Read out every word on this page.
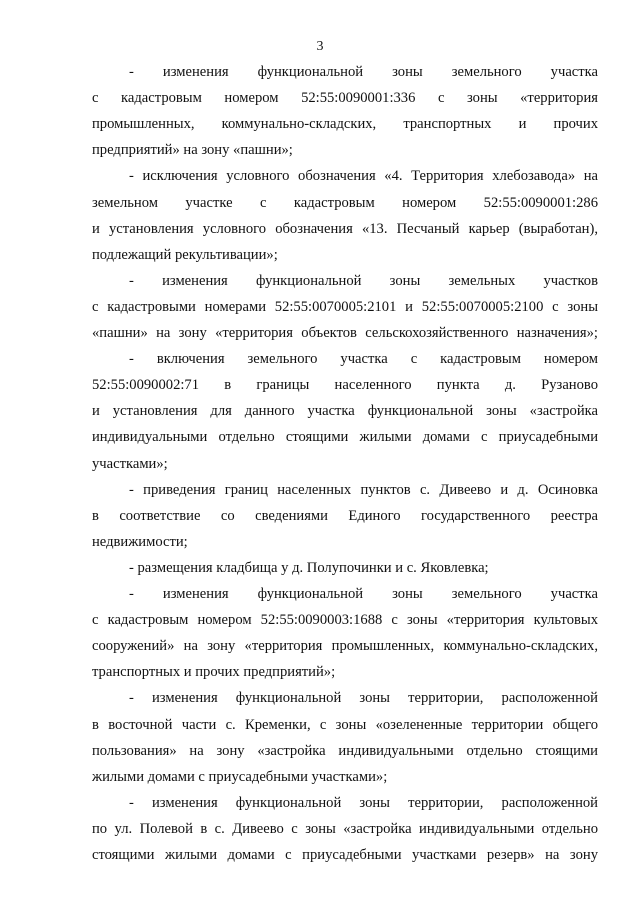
3
- изменения функциональной зоны земельного участка
с кадастровым номером 52:55:0090001:336 с зоны «территория
промышленных, коммунально-складских, транспортных и прочих
предприятий» на зону «пашни»;
- исключения условного обозначения «4. Территория хлебозавода» на
земельном участке с кадастровым номером 52:55:0090001:286
и установления условного обозначения «13. Песчаный карьер (выработан),
подлежащий рекультивации»;
- изменения функциональной зоны земельных участков
с кадастровыми номерами 52:55:0070005:2101 и 52:55:0070005:2100 с зоны
«пашни» на зону «территория объектов сельскохозяйственного назначения»;
- включения земельного участка с кадастровым номером
52:55:0090002:71 в границы населенного пункта д. Рузаново
и установления для данного участка функциональной зоны «застройка
индивидуальными отдельно стоящими жилыми домами с приусадебными
участками»;
- приведения границ населенных пунктов с. Дивеево и д. Осиновка
в соответствие со сведениями Единого государственного реестра
недвижимости;
- размещения кладбища у д. Полупочинки и с. Яковлевка;
- изменения функциональной зоны земельного участка
с кадастровым номером 52:55:0090003:1688 с зоны «территория культовых
сооружений» на зону «территория промышленных, коммунально-складских,
транспортных и прочих предприятий»;
- изменения функциональной зоны территории, расположенной
в восточной части с. Кременки, с зоны «озелененные территории общего
пользования» на зону «застройка индивидуальными отдельно стоящими
жилыми домами с приусадебными участками»;
- изменения функциональной зоны территории, расположенной
по ул. Полевой в с. Дивеево с зоны «застройка индивидуальными отдельно
стоящими жилыми домами с приусадебными участками резерв» на зону
